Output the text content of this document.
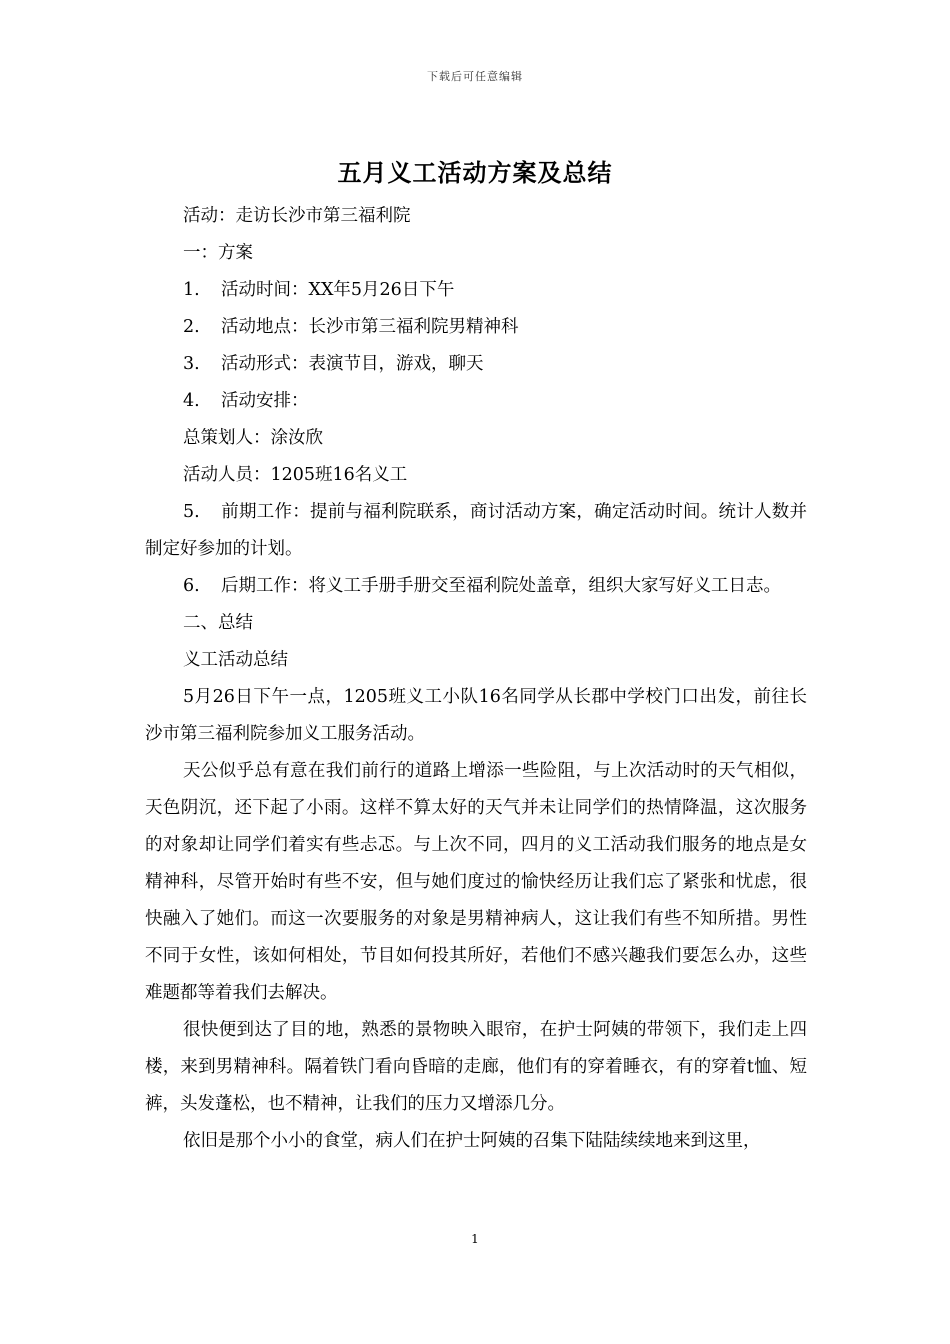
下载后可任意编辑
五月义工活动方案及总结

活动：走访长沙市第三福利院

一：方案

1. 活动时间：XX年5月26日下午

2. 活动地点：长沙市第三福利院男精神科

3. 活动形式：表演节目，游戏，聊天

4. 活动安排：

总策划人：涂汝欣

活动人员：1205班16名义工

5. 前期工作：提前与福利院联系，商讨活动方案，确定活动时间。统计人数并制定好参加的计划。

6. 后期工作：将义工手册手册交至福利院处盖章，组织大家写好义工日志。

二、总结

义工活动总结

5月26日下午一点，1205班义工小队16名同学从长郡中学校门口出发，前往长沙市第三福利院参加义工服务活动。

天公似乎总有意在我们前行的道路上增添一些险阻，与上次活动时的天气相似，天色阴沉，还下起了小雨。这样不算太好的天气并未让同学们的热情降温，这次服务的对象却让同学们着实有些忐忑。与上次不同，四月的义工活动我们服务的地点是女精神科，尽管开始时有些不安，但与她们度过的愉快经历让我们忘了紧张和忧虑，很快融入了她们。而这一次要服务的对象是男精神病人，这让我们有些不知所措。男性不同于女性，该如何相处，节目如何投其所好，若他们不感兴趣我们要怎么办，这些难题都等着我们去解决。

很快便到达了目的地，熟悉的景物映入眼帘，在护士阿姨的带领下，我们走上四楼，来到男精神科。隔着铁门看向昏暗的走廊，他们有的穿着睡衣，有的穿着t恤、短裤，头发蓬松，也不精神，让我们的压力又增添几分。

依旧是那个小小的食堂，病人们在护士阿姨的召集下陆陆续续地来到这里，

1
